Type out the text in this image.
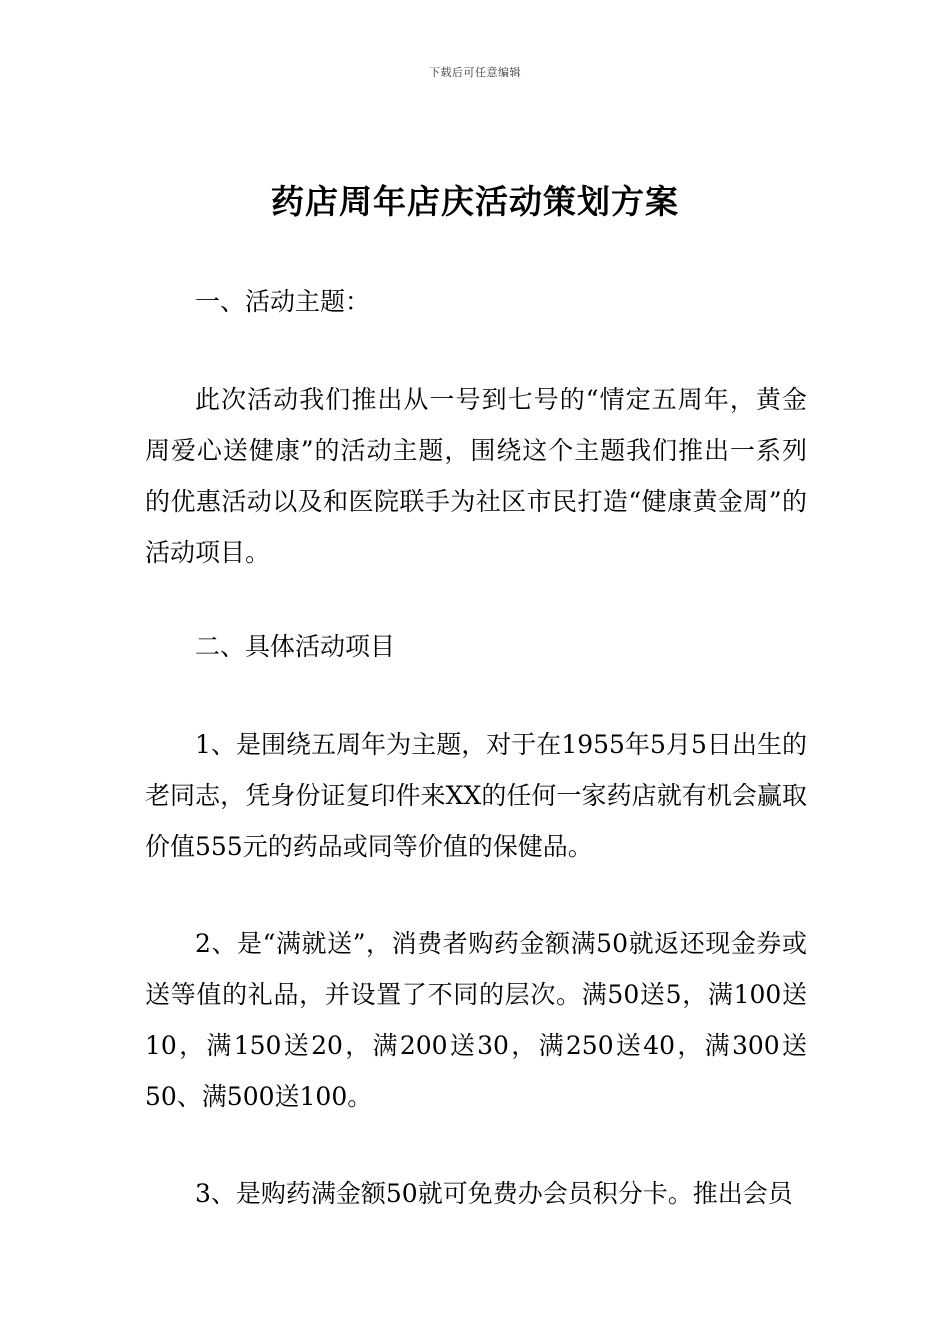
下载后可任意编辑
药店周年店庆活动策划方案

一、活动主题：

此次活动我们推出从一号到七号的“情定五周年，黄金周爱心送健康”的活动主题，围绕这个主题我们推出一系列的优惠活动以及和医院联手为社区市民打造“健康黄金周”的活动项目。

二、具体活动项目

1、是围绕五周年为主题，对于在1955年5月5日出生的老同志，凭身份证复印件来XX的任何一家药店就有机会赢取价值555元的药品或同等价值的保健品。

2、是“满就送”，消费者购药金额满50就返还现金券或送等值的礼品，并设置了不同的层次。满50送5，满100送10，满150送20，满200送30，满250送40，满300送50、满500送100。

3、是购药满金额50就可免费办会员积分卡。推出会员
